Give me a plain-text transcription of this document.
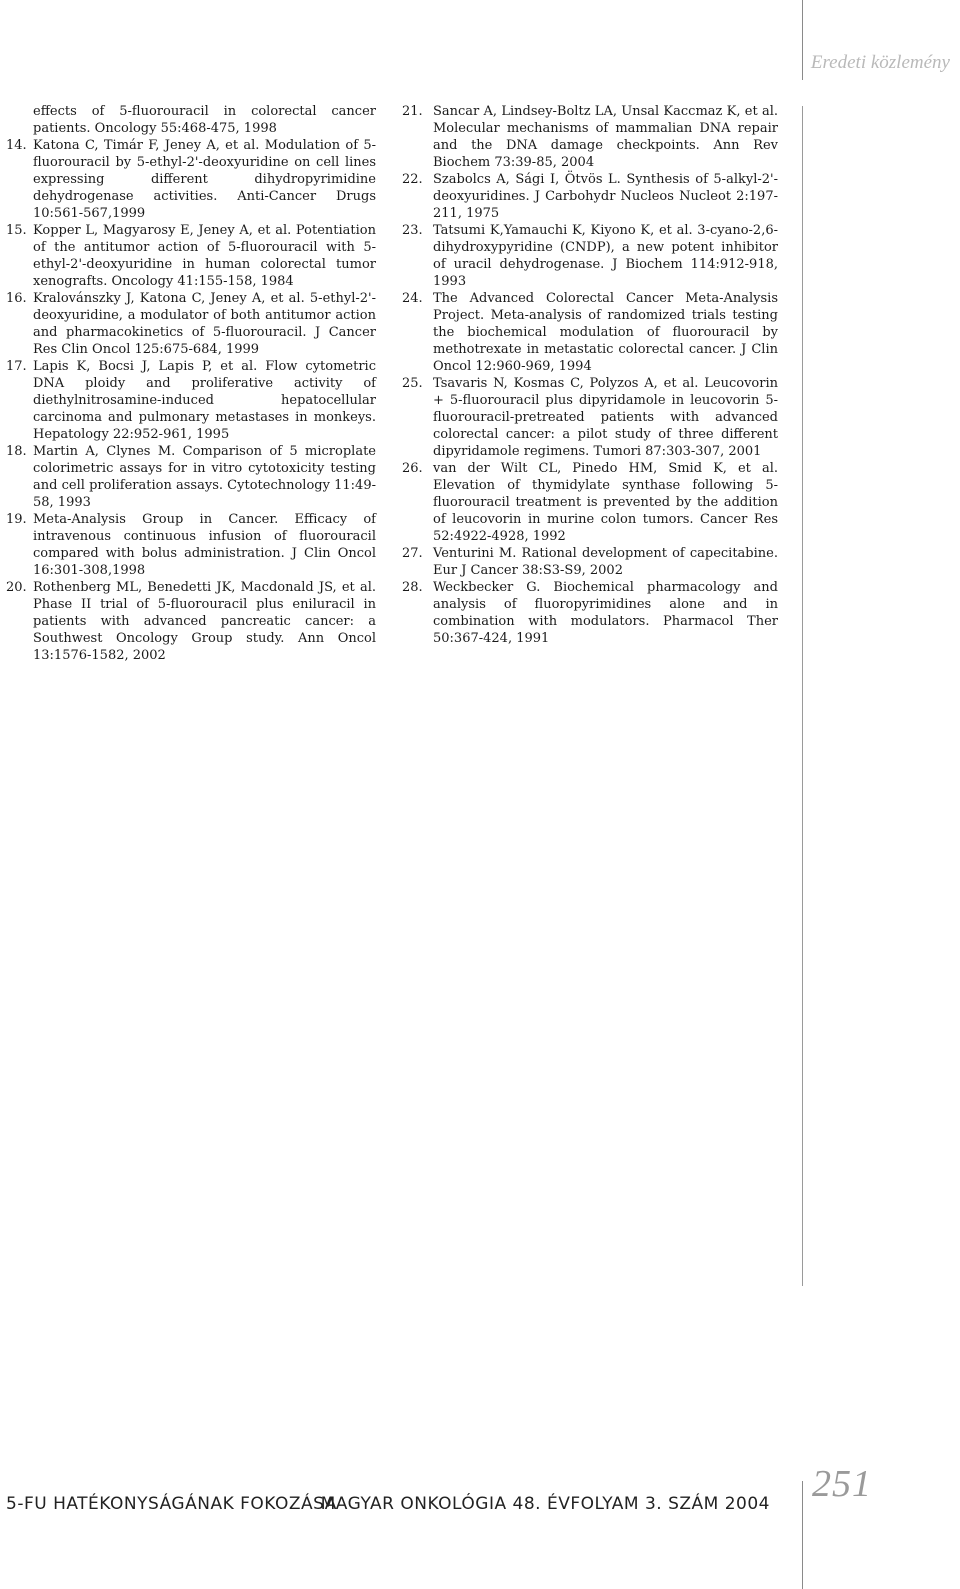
Eredeti közlemény
effects of 5-fluorouracil in colorectal cancer patients. Oncology 55:468-475, 1998
14. Katona C, Timár F, Jeney A, et al. Modulation of 5-fluorouracil by 5-ethyl-2'-deoxyuridine on cell lines expressing different dihydropyrimidine dehydrogenase activities. Anti-Cancer Drugs 10:561-567,1999
15. Kopper L, Magyarosy E, Jeney A, et al. Potentiation of the antitumor action of 5-fluorouracil with 5-ethyl-2'-deoxyuridine in human colorectal tumor xenografts. Oncology 41:155-158, 1984
16. Kralovánszky J, Katona C, Jeney A, et al. 5-ethyl-2'-deoxyuridine, a modulator of both antitumor action and pharmacokinetics of 5-fluorouracil. J Cancer Res Clin Oncol 125:675-684, 1999
17. Lapis K, Bocsi J, Lapis P, et al. Flow cytometric DNA ploidy and proliferative activity of diethylnitrosamine-induced hepatocellular carcinoma and pulmonary metastases in monkeys. Hepatology 22:952-961, 1995
18. Martin A, Clynes M. Comparison of 5 microplate colorimetric assays for in vitro cytotoxicity testing and cell proliferation assays. Cytotechnology 11:49-58, 1993
19. Meta-Analysis Group in Cancer. Efficacy of intravenous continuous infusion of fluorouracil compared with bolus administration. J Clin Oncol 16:301-308,1998
20. Rothenberg ML, Benedetti JK, Macdonald JS, et al. Phase II trial of 5-fluorouracil plus eniluracil in patients with advanced pancreatic cancer: a Southwest Oncology Group study. Ann Oncol 13:1576-1582, 2002
21. Sancar A, Lindsey-Boltz LA, Unsal Kaccmaz K, et al. Molecular mechanisms of mammalian DNA repair and the DNA damage checkpoints. Ann Rev Biochem 73:39-85, 2004
22. Szabolcs A, Sági I, Ötvös L. Synthesis of 5-alkyl-2'-deoxyuridines. J Carbohydr Nucleos Nucleot 2:197-211, 1975
23. Tatsumi K,Yamauchi K, Kiyono K, et al. 3-cyano-2,6-dihydroxypyridine (CNDP), a new potent inhibitor of uracil dehydrogenase. J Biochem 114:912-918, 1993
24. The Advanced Colorectal Cancer Meta-Analysis Project. Meta-analysis of randomized trials testing the biochemical modulation of fluorouracil by methotrexate in metastatic colorectal cancer. J Clin Oncol 12:960-969, 1994
25. Tsavaris N, Kosmas C, Polyzos A, et al. Leucovorin + 5-fluorouracil plus dipyridamole in leucovorin 5-fluorouracil-pretreated patients with advanced colorectal cancer: a pilot study of three different dipyridamole regimens. Tumori 87:303-307, 2001
26. van der Wilt CL, Pinedo HM, Smid K, et al. Elevation of thymidylate synthase following 5-fluorouracil treatment is prevented by the addition of leucovorin in murine colon tumors. Cancer Res 52:4922-4928, 1992
27. Venturini M. Rational development of capecitabine. Eur J Cancer 38:S3-S9, 2002
28. Weckbecker G. Biochemical pharmacology and analysis of fluoropyrimidines alone and in combination with modulators. Pharmacol Ther 50:367-424, 1991
5-FU HATÉKONYSÁGÁNAK FOKOZÁSA
MAGYAR ONKOLÓGIA 48. ÉVFOLYAM 3. SZÁM 2004 251
